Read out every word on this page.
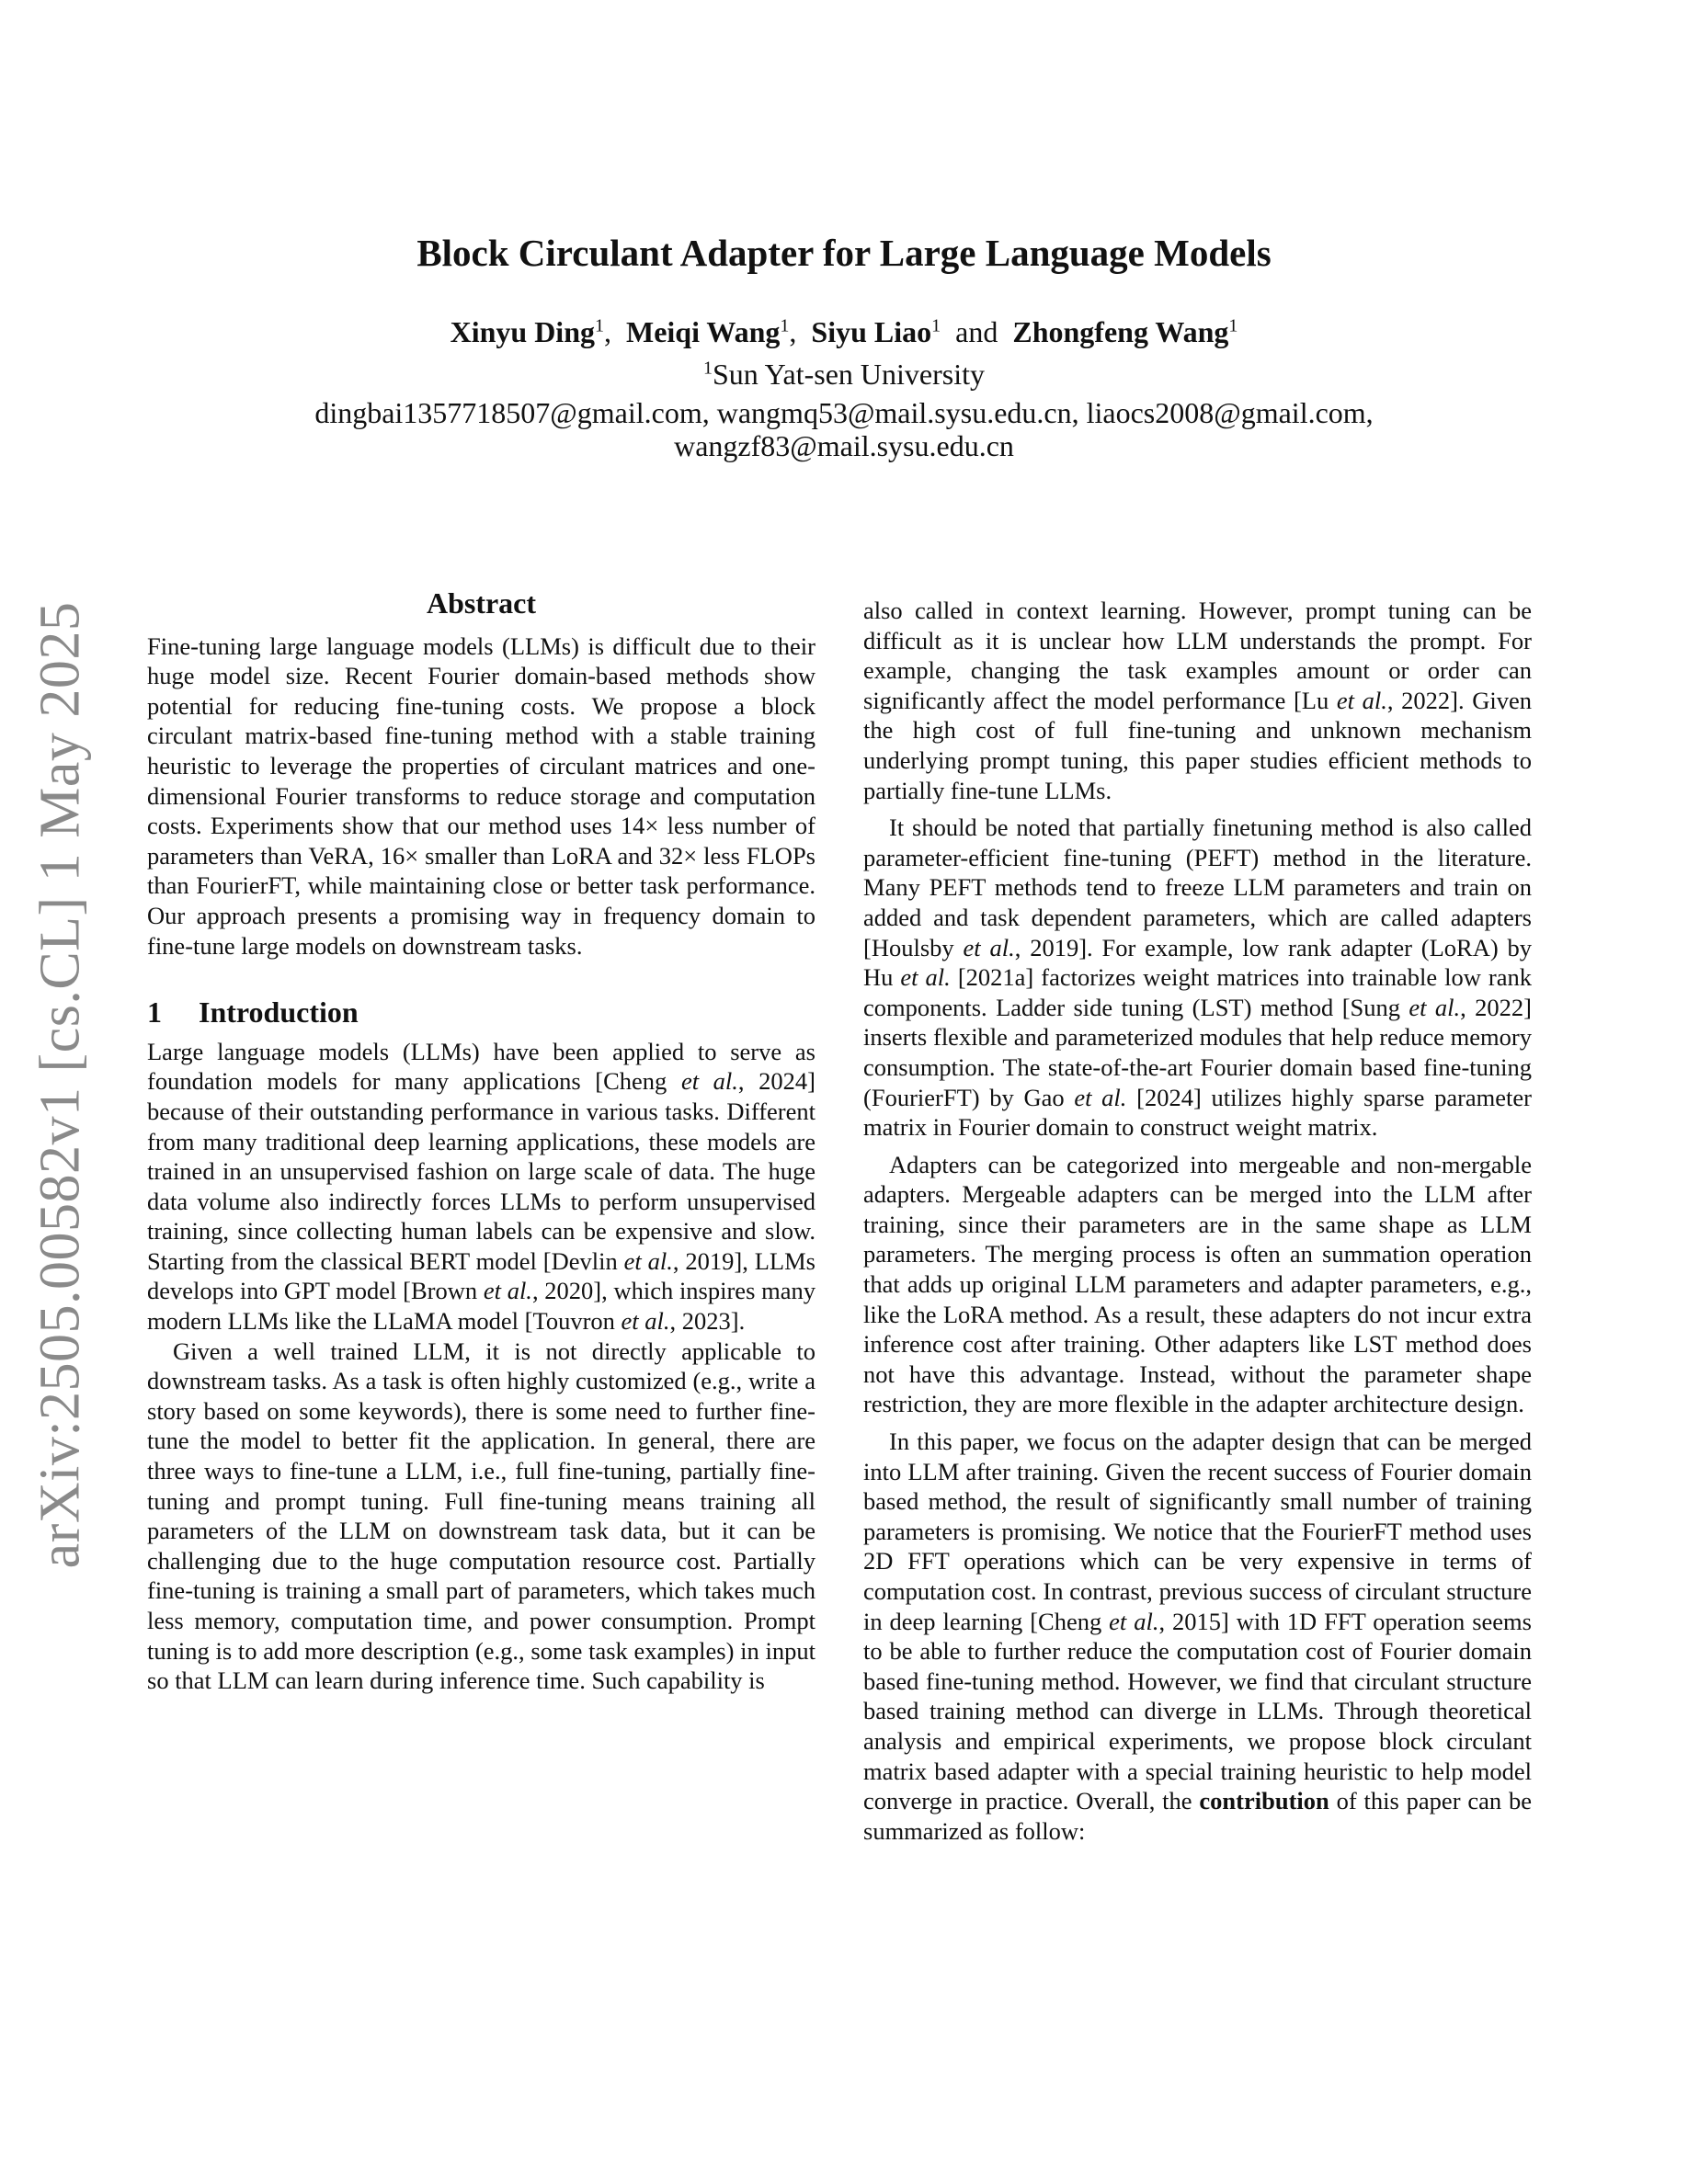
arXiv:2505.00582v1 [cs.CL] 1 May 2025
Block Circulant Adapter for Large Language Models
Xinyu Ding$^1$, Meiqi Wang$^1$, Siyu Liao$^1$ and Zhongfeng Wang$^1$
$^1$Sun Yat-sen University
dingbai1357718507@gmail.com, wangmq53@mail.sysu.edu.cn, liaocs2008@gmail.com,
wangzf83@mail.sysu.edu.cn
Abstract

Fine-tuning large language models (LLMs) is difficult due to their huge model size. Recent Fourier domain-based methods show potential for reducing fine-tuning costs. We propose a block circulant matrix-based fine-tuning method with a stable training heuristic to leverage the properties of circulant matrices and one-dimensional Fourier transforms to reduce storage and computation costs. Experiments show that our method uses 14× less number of parameters than VeRA, 16× smaller than LoRA and 32× less FLOPs than FourierFT, while maintaining close or better task performance. Our approach presents a promising way in frequency domain to fine-tune large models on downstream tasks.

1 Introduction

Large language models (LLMs) have been applied to serve as foundation models for many applications [Cheng et al., 2024] because of their outstanding performance in various tasks. Different from many traditional deep learning applications, these models are trained in an unsupervised fashion on large scale of data. The huge data volume also indirectly forces LLMs to perform unsupervised training, since collecting human labels can be expensive and slow. Starting from the classical BERT model [Devlin et al., 2019], LLMs develops into GPT model [Brown et al., 2020], which inspires many modern LLMs like the LLaMA model [Touvron et al., 2023].

Given a well trained LLM, it is not directly applicable to downstream tasks. As a task is often highly customized (e.g., write a story based on some keywords), there is some need to further fine-tune the model to better fit the application. In general, there are three ways to fine-tune a LLM, i.e., full fine-tuning, partially fine-tuning and prompt tuning. Full fine-tuning means training all parameters of the LLM on downstream task data, but it can be challenging due to the huge computation resource cost. Partially fine-tuning is training a small part of parameters, which takes much less memory, computation time, and power consumption. Prompt tuning is to add more description (e.g., some task examples) in input so that LLM can learn during inference time. Such capability is

also called in context learning. However, prompt tuning can be difficult as it is unclear how LLM understands the prompt. For example, changing the task examples amount or order can significantly affect the model performance [Lu et al., 2022]. Given the high cost of full fine-tuning and unknown mechanism underlying prompt tuning, this paper studies efficient methods to partially fine-tune LLMs.

It should be noted that partially finetuning method is also called parameter-efficient fine-tuning (PEFT) method in the literature. Many PEFT methods tend to freeze LLM parameters and train on added and task dependent parameters, which are called adapters [Houlsby et al., 2019]. For example, low rank adapter (LoRA) by Hu et al. [2021a] factorizes weight matrices into trainable low rank components. Ladder side tuning (LST) method [Sung et al., 2022] inserts flexible and parameterized modules that help reduce memory consumption. The state-of-the-art Fourier domain based fine-tuning (FourierFT) by Gao et al. [2024] utilizes highly sparse parameter matrix in Fourier domain to construct weight matrix.

Adapters can be categorized into mergeable and non-mergable adapters. Mergeable adapters can be merged into the LLM after training, since their parameters are in the same shape as LLM parameters. The merging process is often an summation operation that adds up original LLM parameters and adapter parameters, e.g., like the LoRA method. As a result, these adapters do not incur extra inference cost after training. Other adapters like LST method does not have this advantage. Instead, without the parameter shape restriction, they are more flexible in the adapter architecture design.

In this paper, we focus on the adapter design that can be merged into LLM after training. Given the recent success of Fourier domain based method, the result of significantly small number of training parameters is promising. We notice that the FourierFT method uses 2D FFT operations which can be very expensive in terms of computation cost. In contrast, previous success of circulant structure in deep learning [Cheng et al., 2015] with 1D FFT operation seems to be able to further reduce the computation cost of Fourier domain based fine-tuning method. However, we find that circulant structure based training method can diverge in LLMs. Through theoretical analysis and empirical experiments, we propose block circulant matrix based adapter with a special training heuristic to help model converge in practice. Overall, the contribution of this paper can be summarized as follow:
